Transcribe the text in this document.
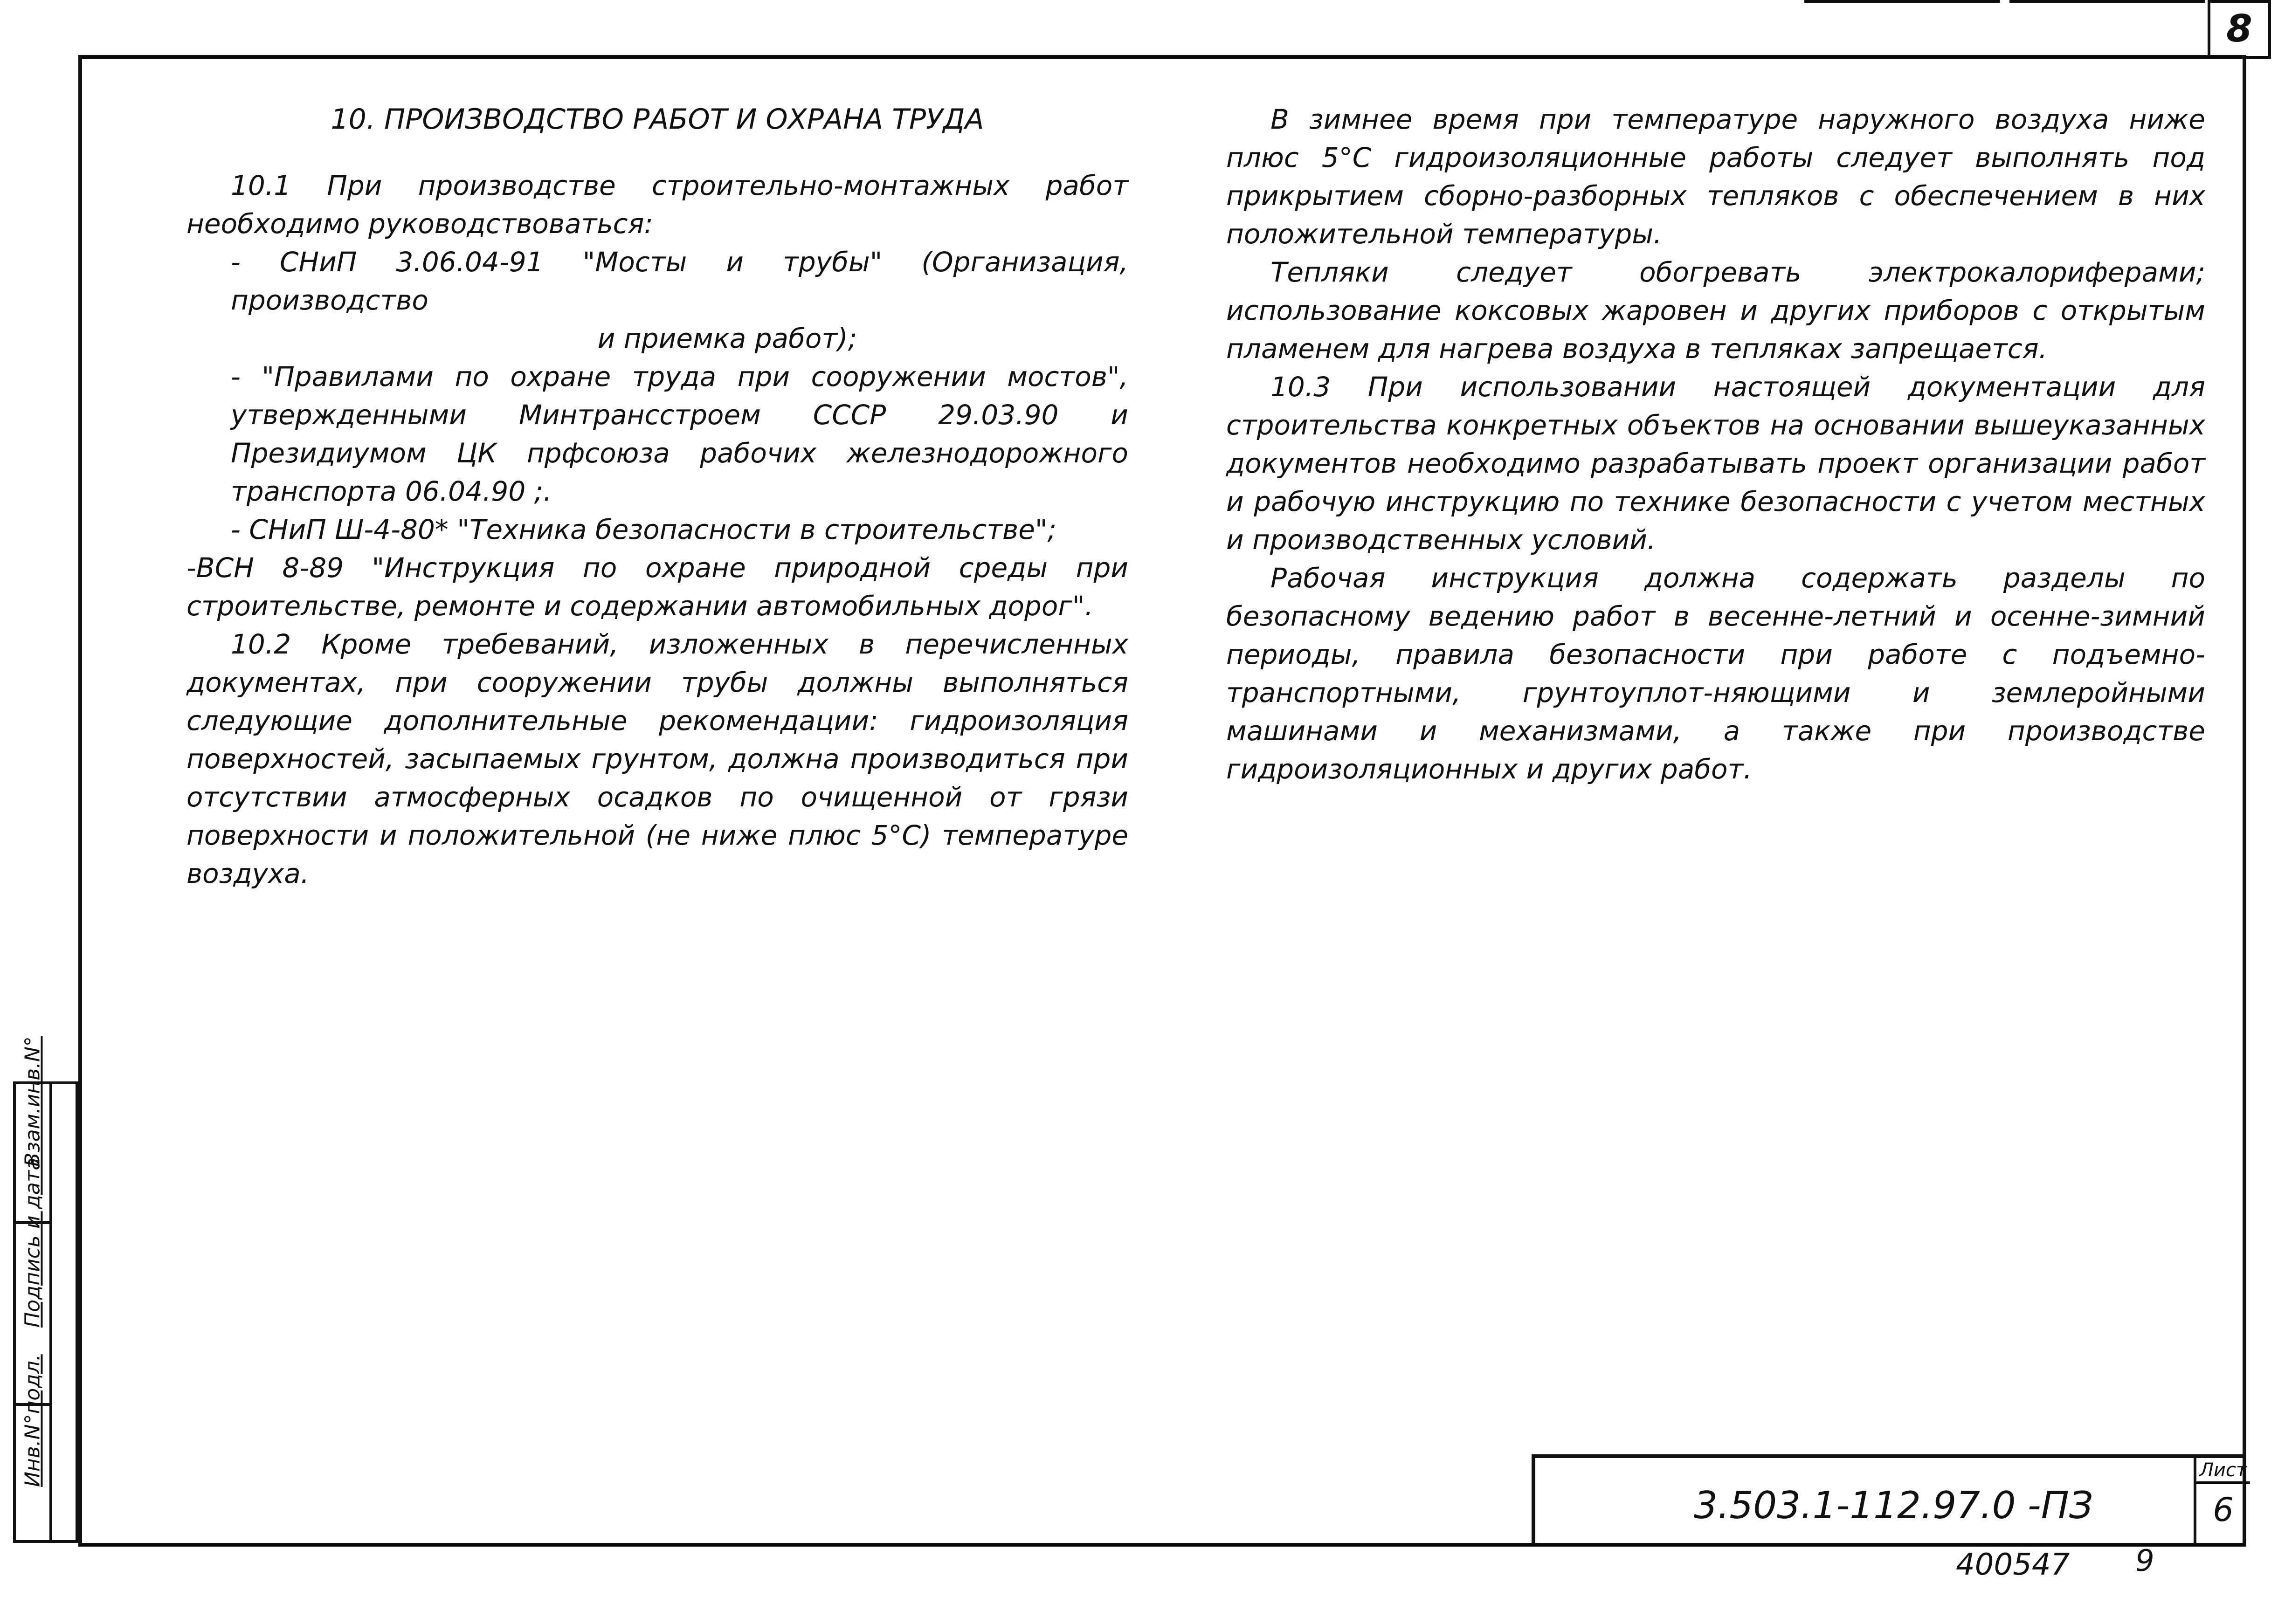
8
10. ПРОИЗВОДСТВО РАБОТ И ОХРАНА ТРУДА

10.1 При производстве строительно-монтажных работ необходимо руководствоваться:

- СНиП 3.06.04-91 "Мосты и трубы" (Организация, производство

и приемка работ);

- "Правилами по охране труда при сооружении мостов", утвержденными Минтрансстроем СССР 29.03.90 и Президиумом ЦК прфсоюза рабочих железнодорожного транспорта 06.04.90 ;.

- СНиП Ш-4-80* "Техника безопасности в строительстве";

-ВСН 8-89 "Инструкция по охране природной среды при строительстве, ремонте и содержании автомобильных дорог".

10.2 Кроме требеваний, изложенных в перечисленных документах, при сооружении трубы должны выполняться следующие дополнительные рекомендации: гидроизоляция поверхностей, засыпаемых грунтом, должна производиться при отсутствии атмосферных осадков по очищенной от грязи поверхности и положительной (не ниже плюс 5°С) температуре воздуха.

В зимнее время при температуре наружного воздуха ниже плюс 5°С гидроизоляционные работы следует выполнять под прикрытием сборно-разборных тепляков с обеспечением в них положительной температуры.

Тепляки следует обогревать электрокалориферами; использование коксовых жаровен и других приборов с открытым пламенем для нагрева воздуха в тепляках запрещается.

10.3 При использовании настоящей документации для строительства конкретных объектов на основании вышеуказанных документов необходимо разрабатывать проект организации работ и рабочую инструкцию по технике безопасности с учетом местных и производственных условий.

Рабочая инструкция должна содержать разделы по безопасному ведению работ в весенне-летний и осенне-зимний периоды, правила безопасности при работе с подъемно-транспортными, грунтоуплот-няющими и землеройными машинами и механизмами, а также при производстве гидроизоляционных и других работ.

Взам.инв.N°
Подпись и дата
Инв.N°подл.
3.503.1-112.97.0 -ПЗ
Лист
6
400547 9
